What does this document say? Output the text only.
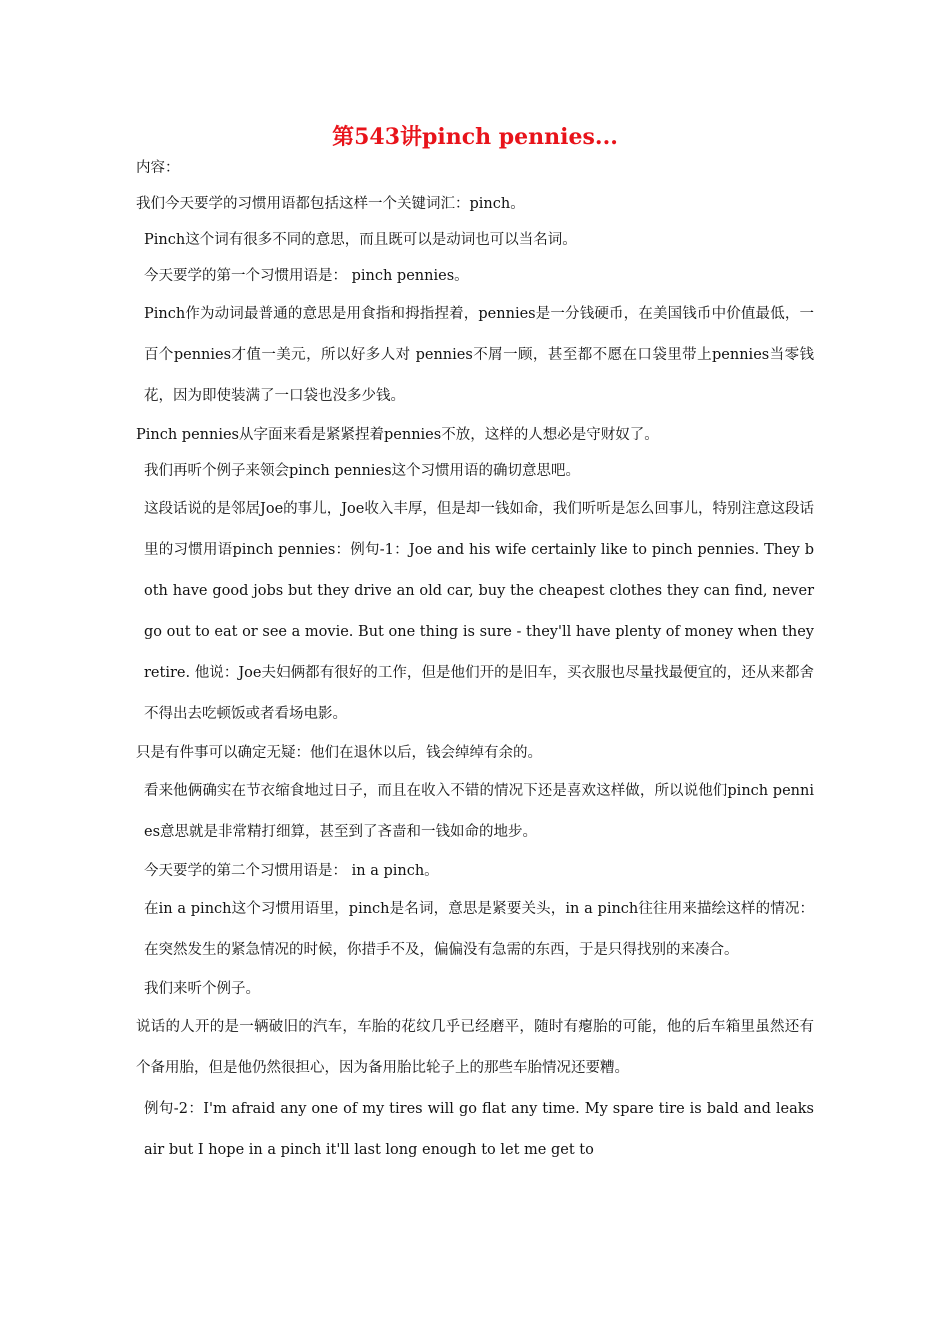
第543讲pinch pennies...

内容：

我们今天要学的习惯用语都包括这样一个关键词汇：pinch。

Pinch这个词有很多不同的意思，而且既可以是动词也可以当名词。

今天要学的第一个习惯用语是： pinch pennies。

Pinch作为动词最普通的意思是用食指和拇指捏着，pennies是一分钱硬币，在美国钱币中价值最低，一百个pennies才值一美元，所以好多人对 pennies不屑一顾，甚至都不愿在口袋里带上pennies当零钱花，因为即使装满了一口袋也没多少钱。

Pinch pennies从字面来看是紧紧捏着pennies不放，这样的人想必是守财奴了。

我们再听个例子来领会pinch pennies这个习惯用语的确切意思吧。

这段话说的是邻居Joe的事儿，Joe收入丰厚，但是却一钱如命，我们听听是怎么回事儿，特别注意这段话里的习惯用语pinch pennies：例句-1：Joe and his wife certainly like to pinch pennies. They both have good jobs but they drive an old car, buy the cheapest clothes they can find, never go out to eat or see a movie. But one thing is sure - they'll have plenty of money when they retire. 他说：Joe夫妇俩都有很好的工作，但是他们开的是旧车，买衣服也尽量找最便宜的，还从来都舍不得出去吃顿饭或者看场电影。

只是有件事可以确定无疑：他们在退休以后，钱会绰绰有余的。

看来他俩确实在节衣缩食地过日子，而且在收入不错的情况下还是喜欢这样做，所以说他们pinch pennies意思就是非常精打细算，甚至到了吝啬和一钱如命的地步。

今天要学的第二个习惯用语是： in a pinch。

在in a pinch这个习惯用语里，pinch是名词，意思是紧要关头，in a pinch往往用来描绘这样的情况：在突然发生的紧急情况的时候，你措手不及，偏偏没有急需的东西，于是只得找别的来凑合。

我们来听个例子。

说话的人开的是一辆破旧的汽车，车胎的花纹几乎已经磨平，随时有瘪胎的可能，他的后车箱里虽然还有个备用胎，但是他仍然很担心，因为备用胎比轮子上的那些车胎情况还要糟。

例句-2：I'm afraid any one of my tires will go flat any time. My spare tire is bald and leaks air but I hope in a pinch it'll last long enough to let me get to
